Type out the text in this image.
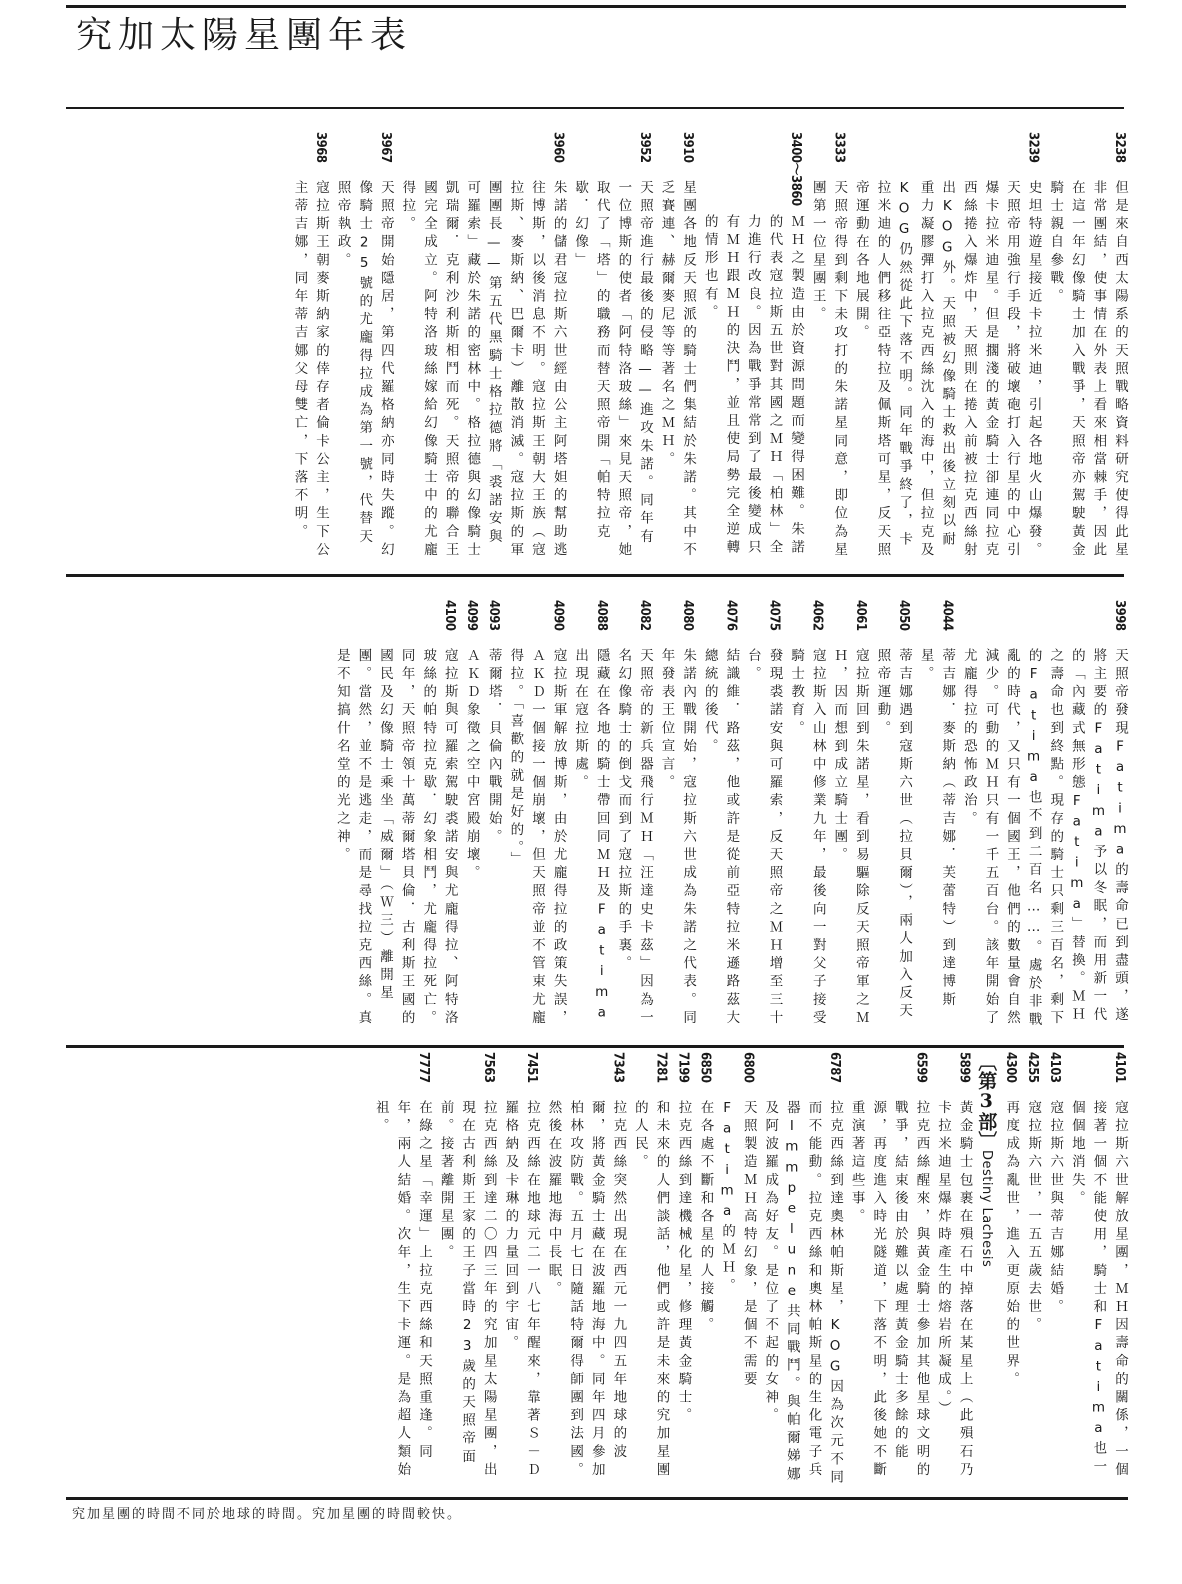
究加太陽星團年表
3238
但是來自西太陽系的天照戰略資料研究使得此星非常團結，使事情在外表上看來相當棘手，因此在這一年幻像騎士加入戰爭，天照帝亦駕駛黃金騎士親自參戰。
3239
史坦特遊星接近卡拉米迪，引起各地火山爆發。天照帝用強行手段，將破壞砲打入行星的中心引爆卡拉米迪星。但是擱淺的黃金騎士卻連同拉克西絲捲入爆炸中，天照則在捲入前被拉克西絲射出KOG外。天照被幻像騎士救出後立刻以耐重力凝膠彈打入拉克西絲沈入的海中，但拉克及KOG仍然從此下落不明。同年戰爭終了，卡拉米迪的人們移往亞特拉及佩斯塔可星，反天照帝運動在各地展開。
3333
天照帝得到剩下未攻打的朱諾星同意，即位為星團第一位星團王。
3400〜3860
ＭＨ之製造由於資源問題而變得困難。朱諾的代表寇拉斯五世對其國之ＭＨ「柏林」全力進行改良。因為戰爭常常到了最後變成只有ＭＨ跟ＭＨ的決鬥，並且使局勢完全逆轉的情形也有。
3910
星團各地反天照派的騎士們集結於朱諾。其中不乏賽連、赫爾麥尼等等著名之ＭＨ。
3952
天照帝進行最後的侵略——進攻朱諾。同年有一位博斯的使者「阿特洛玻絲」來見天照帝，她取代了「塔」的職務而替天照帝開「帕特拉克歇．幻像」
3960
朱諾的儲君寇拉斯六世經由公主阿塔妲的幫助逃往博斯，以後消息不明。寇拉斯王朝大王族（寇拉斯、麥斯納、巴爾卡）離散消滅。寇拉斯的軍團團長——第五代黑騎士格拉德將「裘諾安與可羅索」藏於朱諾的密林中。格拉德與幻像騎士凱瑞爾．克利沙利斯相鬥而死。天照帝的聯合王國完全成立。阿特洛玻絲嫁給幻像騎士中的尤龐得拉。
3967
天照帝開始隱居，第四代羅格納亦同時失蹤。幻像騎士25號的尤龐得拉成為第一號，代替天照帝執政。
3968
寇拉斯王朝麥斯納家的倖存者倫卡公主，生下公主蒂吉娜，同年蒂吉娜父母雙亡，下落不明。
3998
天照帝發現Fatima的壽命已到盡頭，遂將主要的Fatima予以冬眠，而用新一代的「內藏式無形態Fatima」替換。ＭＨ之壽命也到終點。現存的騎士只剩三百名，剩下的Fatima也不到二百名……。處於非戰亂的時代，又只有一個國王，他們的數量會自然減少。可動的ＭＨ只有一千五百台。該年開始了尤龐得拉的恐怖政治。
4044
蒂吉娜．麥斯納（蒂吉娜．芙蕾特）到達博斯星。
4050
蒂吉娜遇到寇斯六世（拉貝爾），兩人加入反天照帝運動。
4061
寇拉斯回到朱諾星，看到易驅除反天照帝軍之ＭＨ，因而想到成立騎士團。
4062
寇拉斯入山林中修業九年，最後向一對父子接受騎士教育。
4075
發現裘諾安與可羅索，反天照帝之ＭＨ增至三十台。
4076
結識維．路茲，他或許是從前亞特拉米遜路茲大總統的後代。
4080
朱諾內戰開始，寇拉斯六世成為朱諾之代表。同年發表王位宣言。
4082
天照帝的新兵器飛行ＭＨ「汪達史卡茲」因為一名幻像騎士的倒戈而到了寇拉斯的手裏。
4088
隱藏在各地的騎士帶回同ＭＨ及Fatima出現在寇拉斯處。
4090
寇拉斯軍解放博斯，由於尤龐得拉的政策失誤，ＡＫＤ一個接一個崩壞，但天照帝並不管束尤龐得拉。「喜歡的就是好的。」
4093
蒂爾塔．貝倫內戰開始。
4099
ＡＫＤ象徵之空中宮殿崩壞。
4100
寇拉斯與可羅索駕駛裘諾安與尤龐得拉、阿特洛玻絲的帕特拉克歇．幻象相鬥，尤龐得拉死亡。同年，天照帝領十萬蒂爾塔貝倫．古利斯王國的國民及幻像騎士乘坐「威爾」（Ｗ三）離開星團。當然，並不是逃走，而是尋找拉克西絲。真是不知搞什名堂的光之神。
4101
寇拉斯六世解放星團，ＭＨ因壽命的關係，一個接著一個不能使用，騎士和Fatima也一個個地消失。
4103
寇拉斯六世與蒂吉娜結婚。
4255
寇拉斯六世，一五五歲去世。
4300
再度成為亂世，進入更原始的世界。
〔第3部〕Destiny Lachesis
5899
黃金騎士包裹在殞石中掉落在某星上（此殞石乃卡拉米迪星爆炸時產生的熔岩所凝成。）
6599
拉克西絲醒來，與黃金騎士參加其他星球文明的戰爭，結束後由於難以處理黃金騎士多餘的能源，再度進入時光隧道，下落不明，此後她不斷重演著這些事。
6787
拉克西絲到達奧林帕斯星，KOG因為次元不同而不能動。拉克西絲和奧林帕斯星的生化電子兵器Immpelune共同戰鬥。與帕爾娣娜及阿波羅成為好友。是位了不起的女神。
6800
天照製造ＭＨ高特幻象，是個不需要Fatima的ＭＨ。
6850
在各處不斷和各星的人接觸。
7199
拉克西絲到達機械化星，修理黃金騎士。
7281
和未來的人們談話，他們或許是未來的究加星團的人民。
7343
拉克西絲突然出現在西元一九四五年地球的波爾，將黃金騎士藏在波羅地海中。同年四月參加柏林攻防戰。五月七日隨話特爾得師團到法國。然後在波羅地海中長眠。
7451
拉克西絲在地球元二一八七年醒來，靠著Ｓ－Ｄ羅格納及卡琳的力量回到宇宙。
7563
拉克西絲到達二〇四三年的究加星太陽星團，出現在古利斯王家的王子當時23歲的天照帝面前。接著離開星團。
7777
在綠之星「幸運」上拉克西絲和天照重逢。同年，兩人結婚。次年，生下卡運。是為超人類始祖。
究加星團的時間不同於地球的時間。究加星團的時間較快。
